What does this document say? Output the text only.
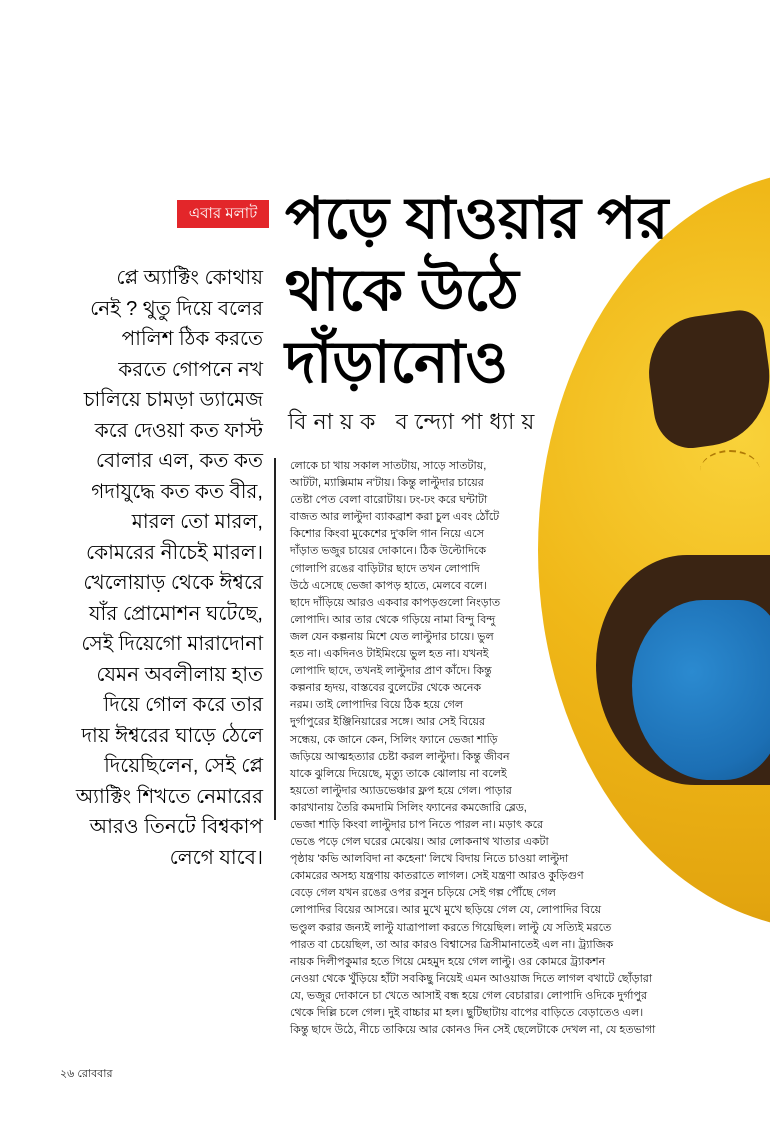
এবার মলাট পড়ে যাওয়ার পর
থাকে উঠে
দাঁড়ানোও
বিনায়ক বন্দ্যোপাধ্যায়
প্লে অ্যাক্টিং কোথায়
নেই ? থুতু দিয়ে বলের
পালিশ ঠিক করতে
করতে গোপনে নখ
চালিয়ে চামড়া ড্যামেজ
করে দেওয়া কত ফাস্ট
বোলার এল, কত কত
গদাযুদ্ধে কত কত বীর,
মারল তো মারল,
কোমরের নীচেই মারল।
খেলোয়াড় থেকে ঈশ্বরে
যাঁর প্রোমোশন ঘটেছে,
সেই দিয়েগো মারাদোনা
যেমন অবলীলায় হাত
দিয়ে গোল করে তার
দায় ঈশ্বরের ঘাড়ে ঠেলে
দিয়েছিলেন, সেই প্লে
অ্যাক্টিং শিখতে নেমারের
আরও তিনটে বিশ্বকাপ
লেগে যাবে।
লোকে চা খায় সকাল সাতটায়, সাড়ে সাতটায়,
আটটা, ম্যাক্সিমাম ন'টায়। কিন্তু লাল্টুদার চায়ের
তেষ্টা পেত বেলা বারোটায়। ঢং-ঢং করে ঘন্টাটা
বাজত আর লাল্টুদা ব্যাকব্রাশ করা চুল এবং ঠোঁটে
কিশোর কিংবা মুকেশের দু'কলি গান নিয়ে এসে
দাঁড়াত ভজুর চায়ের দোকানে। ঠিক উল্টোদিকে
গোলাপি রঙের বাড়িটার ছাদে তখন লোপাদি
উঠে এসেছে ভেজা কাপড় হাতে, মেলবে বলে।
ছাদে দাঁড়িয়ে আরও একবার কাপড়গুলো নিংড়াত
লোপাদি। আর তার থেকে গড়িয়ে নামা বিন্দু বিন্দু
জল যেন কল্পনায় মিশে যেত লাল্টুদার চায়ে। ভুল
হত না। একদিনও টাইমিংয়ে ভুল হত না। যখনই
লোপাদি ছাদে, তখনই লাল্টুদার প্রাণ কাঁদে। কিন্তু
কল্পনার হৃদয়, বাস্তবের বুলেটের থেকে অনেক
নরম। তাই লোপাদির বিয়ে ঠিক হয়ে গেল
দুর্গাপুরের ইঞ্জিনিয়ারের সঙ্গে। আর সেই বিয়ের
সন্ধেয়, কে জানে কেন, সিলিং ফ্যানে ভেজা শাড়ি
জড়িয়ে আত্মহত্যার চেষ্টা করল লাল্টুদা। কিন্তু জীবন
যাকে ঝুলিয়ে দিয়েছে, মৃত্যু তাকে ঝোলায় না বলেই
হয়তো লাল্টুদার অ্যাডভেঞ্চার ফ্লপ হয়ে গেল। পাড়ার
কারখানায় তৈরি কমদামি সিলিং ফ্যানের কমজোরি ব্লেড,
ভেজা শাড়ি কিংবা লাল্টুদার চাপ নিতে পারল না। মড়াৎ করে
ভেঙে পড়ে গেল ঘরের মেঝেয়। আর লোকনাথ খাতার একটা
পৃষ্ঠায় 'কভি আলবিদা না কহেনা' লিখে বিদায় নিতে চাওয়া লাল্টুদা
কোমরের অসহ্য যন্ত্রণায় কাতরাতে লাগল। সেই যন্ত্রণা আরও কুড়িগুণ
বেড়ে গেল যখন রঙের ওপর রসুন চড়িয়ে সেই গল্প পৌঁছে গেল
লোপাদির বিয়ের আসরে। আর মুখে মুখে ছড়িয়ে গেল যে, লোপাদির বিয়ে
ভণ্ডুল করার জন্যই লাল্টু যাত্রাপালা করতে গিয়েছিল। লাল্টু যে সত্যিই মরতে
পারত বা চেয়েছিল, তা আর কারও বিশ্বাসের ত্রিসীমানাতেই এল না। ট্র্যাজিক
নায়ক দিলীপকুমার হতে গিয়ে মেহমুদ হয়ে গেল লাল্টু। ওর কোমরে ট্র্যাকশন
নেওয়া থেকে খুঁড়িয়ে হাঁটা সবকিছু নিয়েই এমন আওয়াজ দিতে লাগল বখাটে ছোঁড়ারা
যে, ভজুর দোকানে চা খেতে আসাই বন্ধ হয়ে গেল বেচারার। লোপাদি ওদিকে দুর্গাপুর
থেকে দিল্লি চলে গেল। দুই বাচ্চার মা হল। ছুটিছাটায় বাপের বাড়িতে বেড়াতেও এল।
কিন্তু ছাদে উঠে, নীচে তাকিয়ে আর কোনও দিন সেই ছেলেটাকে দেখল না, যে হতভাগা
২৬ রোববার
